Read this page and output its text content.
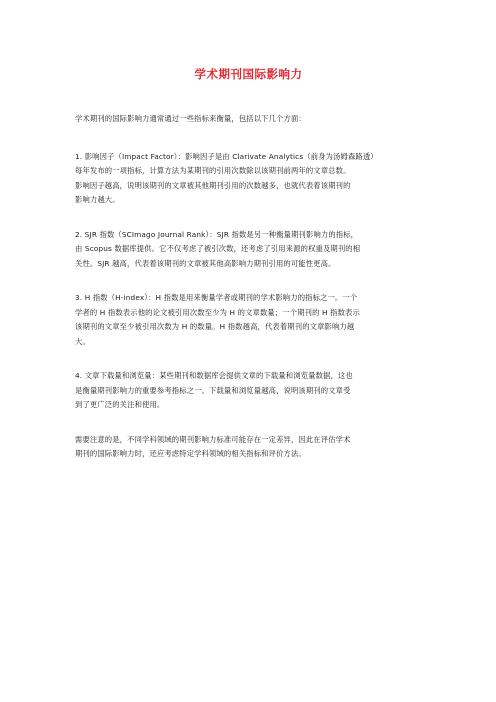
学术期刊国际影响力

学术期刊的国际影响力通常通过一些指标来衡量，包括以下几个方面：

1. 影响因子（Impact Factor）：影响因子是由 Clarivate Analytics（前身为汤姆森路透）
每年发布的一项指标，计算方法为某期刊的引用次数除以该期刊前两年的文章总数。
影响因子越高，说明该期刊的文章被其他期刊引用的次数越多，也就代表着该期刊的
影响力越大。

2. SJR 指数（SCImago Journal Rank）：SJR 指数是另一种衡量期刊影响力的指标，
由 Scopus 数据库提供。它不仅考虑了被引次数，还考虑了引用来源的权重及期刊的相
关性。SJR 越高，代表着该期刊的文章被其他高影响力期刊引用的可能性更高。

3. H 指数（H-index）：H 指数是用来衡量学者或期刊的学术影响力的指标之一。一个
学者的 H 指数表示他的论文被引用次数至少为 H 的文章数量；一个期刊的 H 指数表示
该期刊的文章至少被引用次数为 H 的数量。H 指数越高，代表着期刊的文章影响力越
大。

4. 文章下载量和浏览量：某些期刊和数据库会提供文章的下载量和浏览量数据，这也
是衡量期刊影响力的重要参考指标之一。下载量和浏览量越高，说明该期刊的文章受
到了更广泛的关注和使用。

需要注意的是，不同学科领域的期刊影响力标准可能存在一定差异，因此在评估学术
期刊的国际影响力时，还应考虑特定学科领域的相关指标和评价方法。
